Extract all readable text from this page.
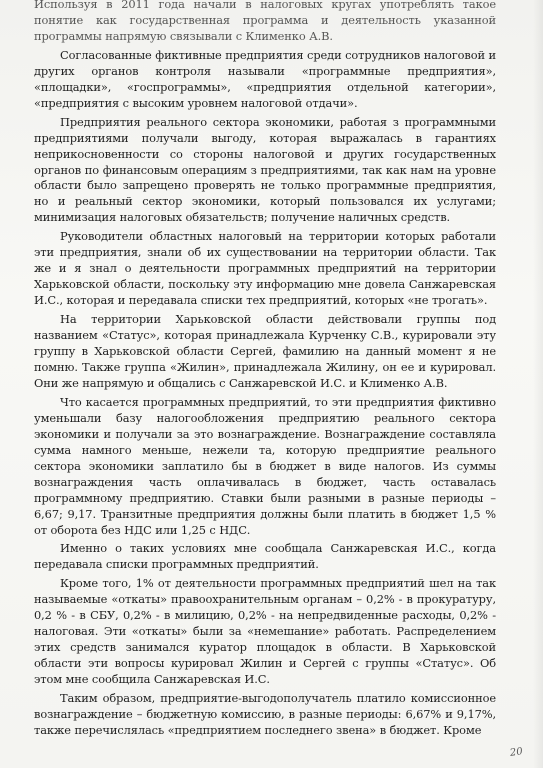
Используя в 2011 года начали в налоговых кругах употреблять такое понятие как государственная программа и деятельность указанной программы напрямую связывали с Клименко А.В.

Согласованные фиктивные предприятия среди сотрудников налоговой и других органов контроля называли «программные предприятия», «площадки», «госпрограммы», «предприятия отдельной категории», «предприятия с высоким уровнем налоговой отдачи».

Предприятия реального сектора экономики, работая з программными предприятиями получали выгоду, которая выражалась в гарантиях неприкосновенности со стороны налоговой и других государственных органов по финансовым операциям з предприятиями, так как нам на уровне области было запрещено проверять не только программные предприятия, но и реальный сектор экономики, который пользовался их услугами; минимизация налоговых обязательств; получение наличных средств.

Руководители областных налоговый на территории которых работали эти предприятия, знали об их существовании на территории области. Так же и я знал о деятельности программных предприятий на территории Харьковской области, поскольку эту информацию мне довела Санжаревская И.С., которая и передавала списки тех предприятий, которых «не трогать».

На территории Харьковской области действовали группы под названием «Статус», которая принадлежала Курченку С.В., курировали эту группу в Харьковской области Сергей, фамилию на данный момент я не помню. Также группа «Жилин», принадлежала Жилину, он ее и курировал. Они же напрямую и общались с Санжаревской И.С. и Клименко А.В.

Что касается программных предприятий, то эти предприятия фиктивно уменьшали базу налогообложения предприятию реального сектора экономики и получали за это вознаграждение. Вознаграждение составляла сумма намного меньше, нежели та, которую предприятие реального сектора экономики заплатило бы в бюджет в виде налогов. Из суммы вознаграждения часть оплачивалась в бюджет, часть оставалась программному предприятию. Ставки были разными в разные периоды – 6,67; 9,17. Транзитные предприятия должны были платить в бюджет 1,5 % от оборота без НДС или 1,25 с НДС.

Именно о таких условиях мне сообщала Санжаревская И.С., когда передавала списки программных предприятий.

Кроме того, 1% от деятельности программных предприятий шел на так называемые «откаты» правоохранительным органам – 0,2% - в прокуратуру, 0,2 % - в СБУ, 0,2% - в милицию, 0,2% - на непредвиденные расходы, 0,2% - налоговая. Эти «откаты» были за «немешание» работать. Распределением этих средств занимался куратор площадок в области. В Харьковской области эти вопросы курировал Жилин и Сергей с группы «Статус». Об этом мне сообщила Санжаревская И.С.

Таким образом, предприятие-выгодополучатель платило комиссионное вознаграждение – бюджетную комиссию, в разные периоды: 6,67% и 9,17%, также перечислялась «предприятием последнего звена» в бюджет. Кроме

20
